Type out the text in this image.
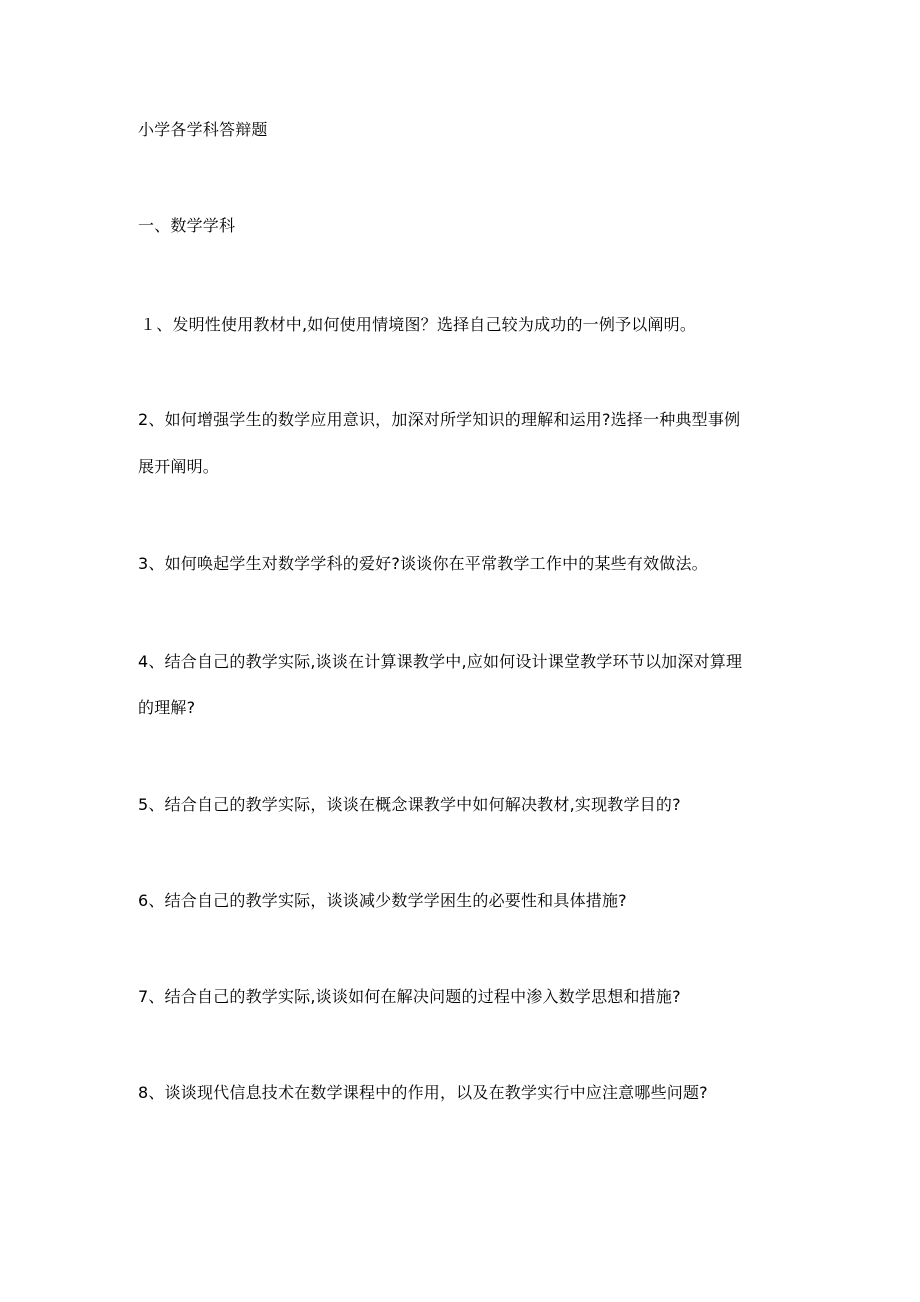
小学各学科答辩题

一、数学学科

１、发明性使用教材中,如何使用情境图？选择自己较为成功的一例予以阐明。

2、如何增强学生的数学应用意识，加深对所学知识的理解和运用?选择一种典型事例

展开阐明。

3、如何唤起学生对数学学科的爱好?谈谈你在平常教学工作中的某些有效做法。

4、结合自己的教学实际,谈谈在计算课教学中,应如何设计课堂教学环节以加深对算理

的理解?

5、结合自己的教学实际，谈谈在概念课教学中如何解决教材,实现教学目的?

6、结合自己的教学实际，谈谈减少数学学困生的必要性和具体措施?

7、结合自己的教学实际,谈谈如何在解决问题的过程中渗入数学思想和措施?

8、谈谈现代信息技术在数学课程中的作用，以及在教学实行中应注意哪些问题?
